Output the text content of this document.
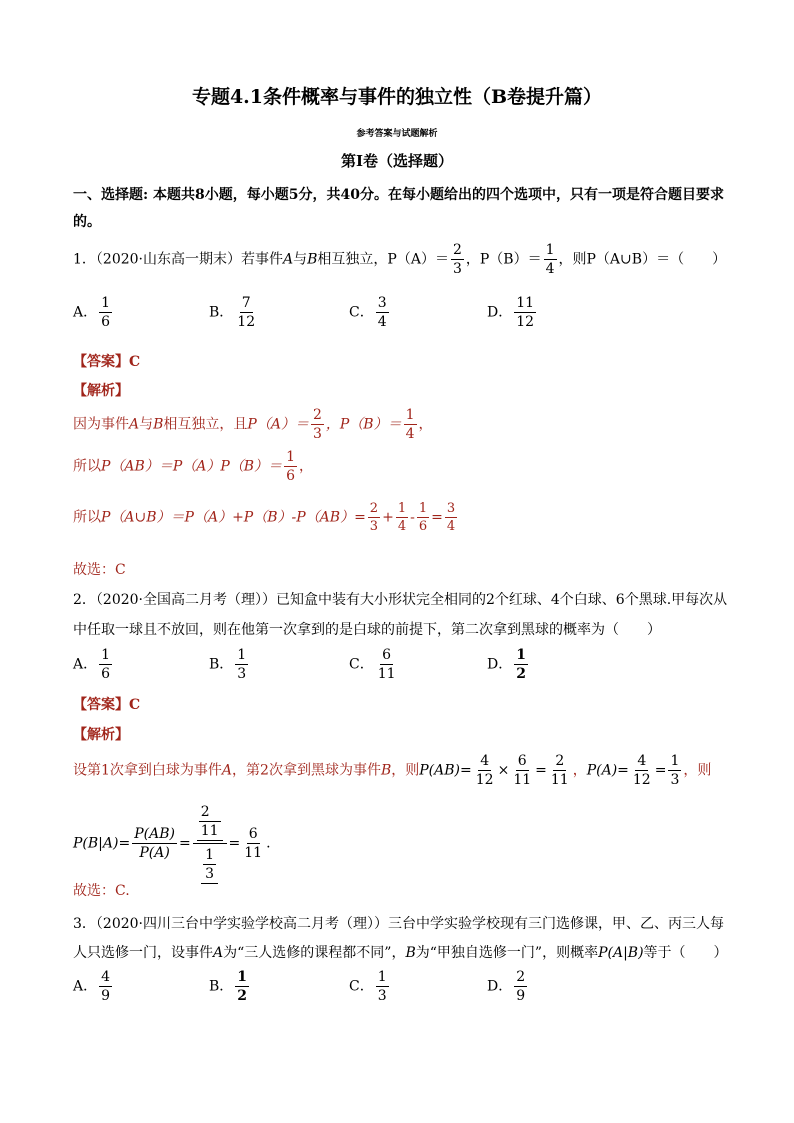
专题4.1条件概率与事件的独立性（B卷提升篇）
参考答案与试题解析
第Ⅰ卷（选择题）
一、选择题: 本题共8小题，每小题5分，共40分。在每小题给出的四个选项中，只有一项是符合题目要求的。
1．（2020·山东高一期末）若事件A与B相互独立，$P(A)= \frac{2}{3}$ ，$P(B)= \frac{1}{4}$ ，则P（A∪B）＝（　　）
A． $\frac{1}{6}$	B． $\frac{7}{12}$	C． $\frac{3}{4}$	D． $\frac{11}{12}$
【答案】C
【解析】
因为事件A与B相互独立，且$P(A)= \frac{2}{3}$ ，$P(B)= \frac{1}{4}$ ，
所以$P(AB)=P(A)P(B)= \frac{1}{6}$ ，
所以P（A∪B）＝P（A）+P（B）-P（AB）= $\frac{2}{3} + \frac{1}{4} - \frac{1}{6} = \frac{3}{4}$
故选：C
2．（2020·全国高二月考（理））已知盒中装有大小形状完全相同的2个红球、4个白球、6个黑球.甲每次从
中任取一球且不放回，则在他第一次拿到的是白球的前提下，第二次拿到黑球的概率为（　　）
A． $\frac{1}{6}$	B． $\frac{1}{3}$	C． $\frac{6}{11}$	D． $\frac{1}{2}$
【答案】C
【解析】
设第1次拿到白球为事件A，第2次拿到黑球为事件B，则$P(AB)= \frac{4}{12} \times \frac{6}{11} = \frac{2}{11}$ ，$P(A)= \frac{4}{12} = \frac{1}{3}$ ，则
$P(B|A)= \frac{P(AB)}{P(A)} = 2$
11
1
$3 = \frac{6}{11}$ .
故选：C.
3．（2020·四川三台中学实验学校高二月考（理））三台中学实验学校现有三门选修课，甲、乙、丙三人每
人只选修一门，设事件A为“三人选修的课程都不同”，B为“甲独自选修一门”，则概率P(A|B)等于（　　）
A． $\frac{4}{9}$	B． $\frac{1}{2}$	C． $\frac{1}{3}$	D． $\frac{2}{9}$
